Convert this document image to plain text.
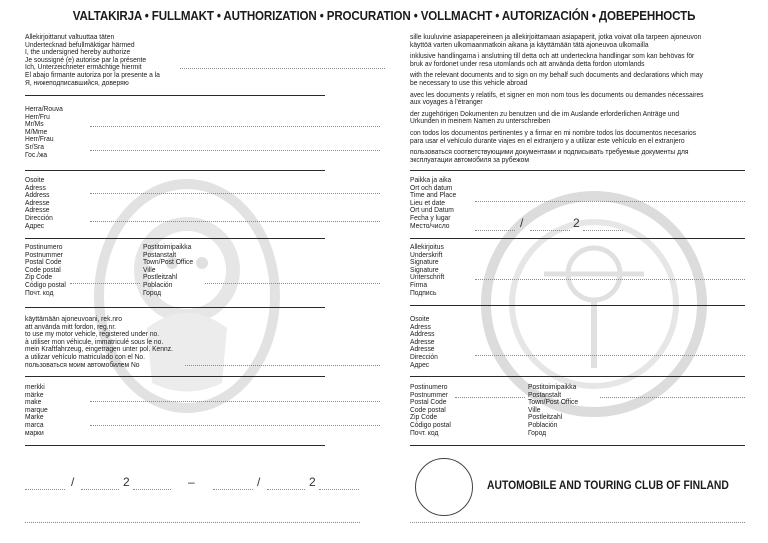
VALTAKIRJA • FULLMAKT • AUTHORIZATION • PROCURATION • VOLLMACHT • AUTORIZACIÓN • ДОВЕРЕННОСТЬ
Allekirjoittanut valtuuttaa täten
Undertecknad befullmäktigar härmed
I, the undersigned hereby authorize
Je soussigné (e) autorise par la présente
Ich, Unterzeichneter ermächtige hiermit
El abajo firmante autoriza por la presente a la
Я, нижеподписавшийся, доверяю
Herra/Rouva
Herr/Fru
Mr/Ms
M/Mme
Herr/Frau
Sr/Sra
Гос./жа
Osoite
Adress
Address
Adresse
Adresse
Dirección
Адрес
Postinumero
Postnummer
Postal Code
Code postal
Zip Code
Código postal
Почт. код
Postitoimipaikka
Postanstalt
Town/Post Office
Ville
Postleitzahl
Población
Город
käyttämään ajoneuvoani, rek.nro
att använda mitt fordon, reg.nr.
to use my motor vehicle, registered under no.
à utiliser mon véhicule, immatriculé sous le no.
mein Kraftfahrzeug, eingetragen unter pol. Kennz.
a utilizar vehículo matriculado con el No.
пользоваться моим автомобилем No
merkki
märke
make
marque
Marke
marca
марки
/	2	–	/	2
sille kuuluvine asiapapereineen ja allekirjoittamaan asiapaperit, jotka voivat olla tarpeen ajoneuvon
käyttöä varten ulkomaanmatkoin aikana ja käyttämään tätä ajoneuvoa ulkomailla
inklusive handlingarna i anslutning till detta och att underteckna handlingar som kan behövas för
bruk av fordonet under resa utomlands och att använda detta fordon utomlands
with the relevant documents and to sign on my behalf such documents and declarations which may
be necessary to use this vehicle abroad
avec les documents y relatifs, et signer en mon nom tous les documents ou demandes nécessaires
aux voyages à l'étranger
der zugehörigen Dokumenten zu benutzen und die im Auslande erforderlichen Anträge und
Urkunden in meinem Namen zu unterschreiben
con todos los documentos pertinentes y a firmar en mi nombre todos los documentos necesarios
para usar el vehículo durante viajes en el extranjero y a utilizar este vehículo en el extranjero
пользоваться соответствующими документами и подписывать требуемые документы для
эксплуатации автомобиля за рубежом
Paikka ja aika
Ort och datum
Time and Place
Lieu et date
Ort und Datum
Fecha y lugar
Место/число	/	2
Allekirjoitus
Underskrift
Signature
Signature
Unterschrift
Firma
Подпись
Osoite
Adress
Address
Adresse
Adresse
Dirección
Адрес
Postinumero
Postnummer
Postal Code
Code postal
Zip Code
Código postal
Почт. код
Postitoimipaikka
Postanstalt
Town/Post Office
Ville
Postleitzahl
Población
Город
AUTOMOBILE AND TOURING CLUB OF FINLAND
